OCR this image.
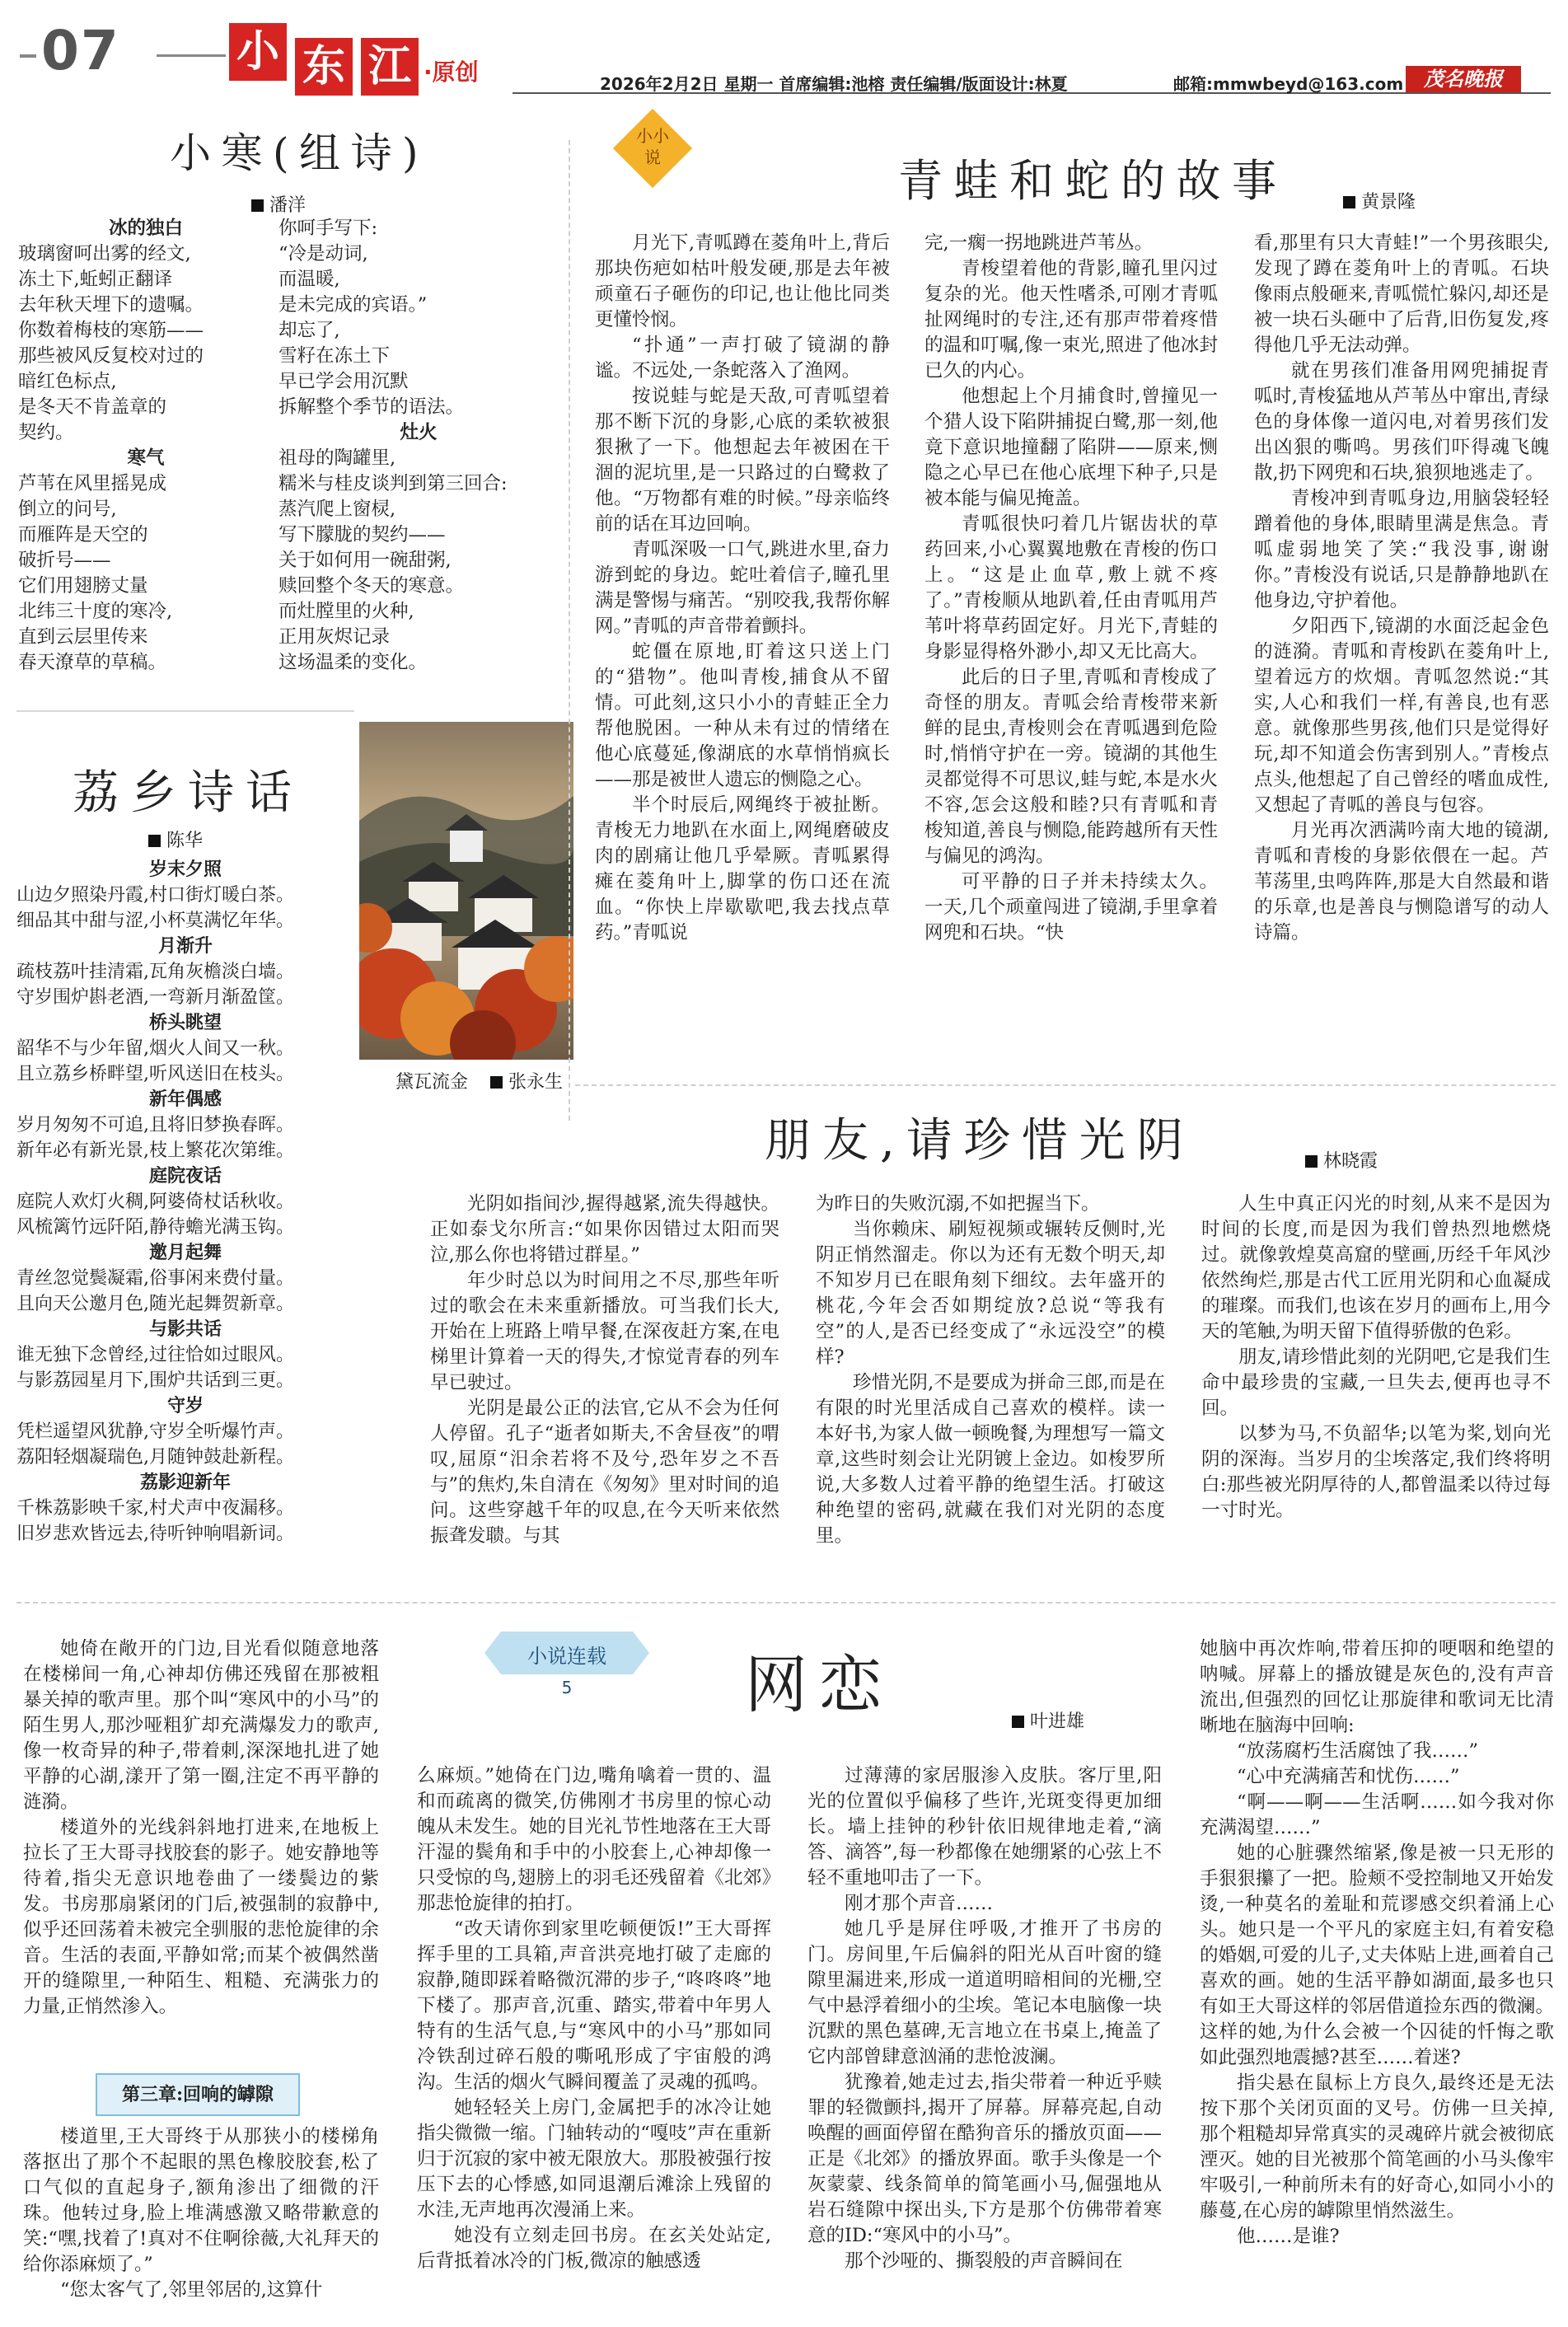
07	小 东 江 ·原创	2026年2月2日 星期一 首席编辑:池榕 责任编辑/版面设计:林夏	邮箱:mmwbeyd@163.com	茂名晚报
小寒(组诗)
潘洋
冰的独白
玻璃窗呵出雾的经文,
冻土下,蚯蚓正翻译
去年秋天埋下的遗嘱。
你数着梅枝的寒筋——
那些被风反复校对过的
暗红色标点,
是冬天不肯盖章的
契约。
寒气
芦苇在风里摇晃成
倒立的问号,
而雁阵是天空的
破折号——
它们用翅膀丈量
北纬三十度的寒冷,
直到云层里传来
春天潦草的草稿。
你呵手写下:
“冷是动词,
而温暖,
是未完成的宾语。”
却忘了,
雪籽在冻土下
早已学会用沉默
拆解整个季节的语法。
灶火
祖母的陶罐里,
糯米与桂皮谈判到第三回合:
蒸汽爬上窗棂,
写下朦胧的契约——
关于如何用一碗甜粥,
赎回整个冬天的寒意。
而灶膛里的火种,
正用灰烬记录
这场温柔的变化。
荔乡诗话
陈华
岁末夕照
山边夕照染丹霞,村口街灯暖白茶。
细品其中甜与涩,小杯莫满忆年华。
月渐升
疏枝荔叶挂清霜,瓦角灰檐淡白墙。
守岁围炉斟老酒,一弯新月渐盈筐。
桥头眺望
韶华不与少年留,烟火人间又一秋。
且立荔乡桥畔望,听风送旧在枝头。
新年偶感
岁月匆匆不可追,且将旧梦换春晖。
新年必有新光景,枝上繁花次第维。
庭院夜话
庭院人欢灯火稠,阿婆倚杖话秋收。
风梳篱竹远阡陌,静待蟾光满玉钩。
邀月起舞
青丝忽觉鬓凝霜,俗事闲来费付量。
且向天公邀月色,随光起舞贺新章。
与影共话
谁无独下念曾经,过往恰如过眼风。
与影荔园星月下,围炉共话到三更。
守岁
凭栏遥望风犹静,守岁全听爆竹声。
荔阳轻烟凝瑞色,月随钟鼓赴新程。
荔影迎新年
千株荔影映千家,村犬声中夜漏移。
旧岁悲欢皆远去,待听钟响唱新词。
黛瓦流金 张永生
小小说	青蛙和蛇的故事	黄景隆

月光下,青呱蹲在菱角叶上,背后那块伤疤如枯叶般发硬,那是去年被顽童石子砸伤的印记,也让他比同类更懂怜悯。

“扑通”一声打破了镜湖的静谧。不远处,一条蛇落入了渔网。

按说蛙与蛇是天敌,可青呱望着那不断下沉的身影,心底的柔软被狠狠揪了一下。他想起去年被困在干涸的泥坑里,是一只路过的白鹭救了他。“万物都有难的时候。”母亲临终前的话在耳边回响。

青呱深吸一口气,跳进水里,奋力游到蛇的身边。蛇吐着信子,瞳孔里满是警惕与痛苦。“别咬我,我帮你解网。”青呱的声音带着颤抖。

蛇僵在原地,盯着这只送上门的“猎物”。他叫青梭,捕食从不留情。可此刻,这只小小的青蛙正全力帮他脱困。一种从未有过的情绪在他心底蔓延,像湖底的水草悄悄疯长——那是被世人遗忘的恻隐之心。

半个时辰后,网绳终于被扯断。青梭无力地趴在水面上,网绳磨破皮肉的剧痛让他几乎晕厥。青呱累得瘫在菱角叶上,脚掌的伤口还在流血。“你快上岸歇歇吧,我去找点草药。”青呱说

完,一瘸一拐地跳进芦苇丛。

青梭望着他的背影,瞳孔里闪过复杂的光。他天性嗜杀,可刚才青呱扯网绳时的专注,还有那声带着疼惜的温和叮嘱,像一束光,照进了他冰封已久的内心。

他想起上个月捕食时,曾撞见一个猎人设下陷阱捕捉白鹭,那一刻,他竟下意识地撞翻了陷阱——原来,恻隐之心早已在他心底埋下种子,只是被本能与偏见掩盖。

青呱很快叼着几片锯齿状的草药回来,小心翼翼地敷在青梭的伤口上。“这是止血草,敷上就不疼了。”青梭顺从地趴着,任由青呱用芦苇叶将草药固定好。月光下,青蛙的身影显得格外渺小,却又无比高大。

此后的日子里,青呱和青梭成了奇怪的朋友。青呱会给青梭带来新鲜的昆虫,青梭则会在青呱遇到危险时,悄悄守护在一旁。镜湖的其他生灵都觉得不可思议,蛙与蛇,本是水火不容,怎会这般和睦?只有青呱和青梭知道,善良与恻隐,能跨越所有天性与偏见的鸿沟。

可平静的日子并未持续太久。一天,几个顽童闯进了镜湖,手里拿着网兜和石块。“快

看,那里有只大青蛙!”一个男孩眼尖,发现了蹲在菱角叶上的青呱。石块像雨点般砸来,青呱慌忙躲闪,却还是被一块石头砸中了后背,旧伤复发,疼得他几乎无法动弹。

就在男孩们准备用网兜捕捉青呱时,青梭猛地从芦苇丛中窜出,青绿色的身体像一道闪电,对着男孩们发出凶狠的嘶鸣。男孩们吓得魂飞魄散,扔下网兜和石块,狼狈地逃走了。

青梭冲到青呱身边,用脑袋轻轻蹭着他的身体,眼睛里满是焦急。青呱虚弱地笑了笑:“我没事,谢谢你。”青梭没有说话,只是静静地趴在他身边,守护着他。

夕阳西下,镜湖的水面泛起金色的涟漪。青呱和青梭趴在菱角叶上,望着远方的炊烟。青呱忽然说:“其实,人心和我们一样,有善良,也有恶意。就像那些男孩,他们只是觉得好玩,却不知道会伤害到别人。”青梭点点头,他想起了自己曾经的嗜血成性,又想起了青呱的善良与包容。

月光再次洒满吟南大地的镜湖,青呱和青梭的身影依偎在一起。芦苇荡里,虫鸣阵阵,那是大自然最和谐的乐章,也是善良与恻隐谱写的动人诗篇。

朋友,请珍惜光阴	林晓霞

光阴如指间沙,握得越紧,流失得越快。正如泰戈尔所言:“如果你因错过太阳而哭泣,那么你也将错过群星。”

年少时总以为时间用之不尽,那些年听过的歌会在未来重新播放。可当我们长大,开始在上班路上啃早餐,在深夜赶方案,在电梯里计算着一天的得失,才惊觉青春的列车早已驶过。

光阴是最公正的法官,它从不会为任何人停留。孔子“逝者如斯夫,不舍昼夜”的喟叹,屈原“汨余若将不及兮,恐年岁之不吾与”的焦灼,朱自清在《匆匆》里对时间的追问。这些穿越千年的叹息,在今天听来依然振聋发聩。与其

为昨日的失败沉溺,不如把握当下。

当你赖床、刷短视频或辗转反侧时,光阴正悄然溜走。你以为还有无数个明天,却不知岁月已在眼角刻下细纹。去年盛开的桃花,今年会否如期绽放?总说“等我有空”的人,是否已经变成了“永远没空”的模样?

珍惜光阴,不是要成为拼命三郎,而是在有限的时光里活成自己喜欢的模样。读一本好书,为家人做一顿晚餐,为理想写一篇文章,这些时刻会让光阴镀上金边。如梭罗所说,大多数人过着平静的绝望生活。打破这种绝望的密码,就藏在我们对光阴的态度里。

人生中真正闪光的时刻,从来不是因为时间的长度,而是因为我们曾热烈地燃烧过。就像敦煌莫高窟的壁画,历经千年风沙依然绚烂,那是古代工匠用光阴和心血凝成的璀璨。而我们,也该在岁月的画布上,用今天的笔触,为明天留下值得骄傲的色彩。

朋友,请珍惜此刻的光阴吧,它是我们生命中最珍贵的宝藏,一旦失去,便再也寻不回。

以梦为马,不负韶华;以笔为桨,划向光阴的深海。当岁月的尘埃落定,我们终将明白:那些被光阴厚待的人,都曾温柔以待过每一寸时光。

小说连载
5	网恋
叶进雄

她倚在敞开的门边,目光看似随意地落在楼梯间一角,心神却仿佛还残留在那被粗暴关掉的歌声里。那个叫“寒风中的小马”的陌生男人,那沙哑粗犷却充满爆发力的歌声,像一枚奇异的种子,带着刺,深深地扎进了她平静的心湖,漾开了第一圈,注定不再平静的涟漪。

楼道外的光线斜斜地打进来,在地板上拉长了王大哥寻找胶套的影子。她安静地等待着,指尖无意识地卷曲了一缕鬓边的紫发。书房那扇紧闭的门后,被强制的寂静中,似乎还回荡着未被完全驯服的悲怆旋律的余音。生活的表面,平静如常;而某个被偶然凿开的缝隙里,一种陌生、粗糙、充满张力的力量,正悄然渗入。

第三章:回响的罅隙

楼道里,王大哥终于从那狭小的楼梯角落抠出了那个不起眼的黑色橡胶胶套,松了口气似的直起身子,额角渗出了细微的汗珠。他转过身,脸上堆满感激又略带歉意的笑:“嘿,找着了!真对不住啊徐薇,大礼拜天的给你添麻烦了。”

“您太客气了,邻里邻居的,这算什

么麻烦。”她倚在门边,嘴角噙着一贯的、温和而疏离的微笑,仿佛刚才书房里的惊心动魄从未发生。她的目光礼节性地落在王大哥汗湿的鬓角和手中的小胶套上,心神却像一只受惊的鸟,翅膀上的羽毛还残留着《北郊》那悲怆旋律的拍打。

“改天请你到家里吃顿便饭!”王大哥挥挥手里的工具箱,声音洪亮地打破了走廊的寂静,随即踩着略微沉滞的步子,“咚咚咚”地下楼了。那声音,沉重、踏实,带着中年男人特有的生活气息,与“寒风中的小马”那如同冷铁刮过碎石般的嘶吼形成了宇宙般的鸿沟。生活的烟火气瞬间覆盖了灵魂的孤鸣。

她轻轻关上房门,金属把手的冰冷让她指尖微微一缩。门轴转动的“嘎吱”声在重新归于沉寂的家中被无限放大。那股被强行按压下去的心悸感,如同退潮后滩涂上残留的水洼,无声地再次漫涌上来。

她没有立刻走回书房。在玄关处站定,后背抵着冰冷的门板,微凉的触感透

过薄薄的家居服渗入皮肤。客厅里,阳光的位置似乎偏移了些许,光斑变得更加细长。墙上挂钟的秒针依旧规律地走着,“滴答、滴答”,每一秒都像在她绷紧的心弦上不轻不重地叩击了一下。

刚才那个声音……

她几乎是屏住呼吸,才推开了书房的门。房间里,午后偏斜的阳光从百叶窗的缝隙里漏进来,形成一道道明暗相间的光栅,空气中悬浮着细小的尘埃。笔记本电脑像一块沉默的黑色墓碑,无言地立在书桌上,掩盖了它内部曾肆意汹涌的悲怆波澜。

犹豫着,她走过去,指尖带着一种近乎赎罪的轻微颤抖,揭开了屏幕。屏幕亮起,自动唤醒的画面停留在酷狗音乐的播放页面——正是《北郊》的播放界面。歌手头像是一个灰蒙蒙、线条简单的简笔画小马,倔强地从岩石缝隙中探出头,下方是那个仿佛带着寒意的ID:“寒风中的小马”。

那个沙哑的、撕裂般的声音瞬间在

她脑中再次炸响,带着压抑的哽咽和绝望的呐喊。屏幕上的播放键是灰色的,没有声音流出,但强烈的回忆让那旋律和歌词无比清晰地在脑海中回响:

“放荡腐朽生活腐蚀了我……”

“心中充满痛苦和忧伤……”

“啊——啊——生活啊……如今我对你充满渴望……”

她的心脏骤然缩紧,像是被一只无形的手狠狠攥了一把。脸颊不受控制地又开始发烫,一种莫名的羞耻和荒谬感交织着涌上心头。她只是一个平凡的家庭主妇,有着安稳的婚姻,可爱的儿子,丈夫体贴上进,画着自己喜欢的画。她的生活平静如湖面,最多也只有如王大哥这样的邻居借道捡东西的微澜。这样的她,为什么会被一个囚徒的忏悔之歌如此强烈地震撼?甚至……着迷?

指尖悬在鼠标上方良久,最终还是无法按下那个关闭页面的叉号。仿佛一旦关掉,那个粗糙却异常真实的灵魂碎片就会被彻底湮灭。她的目光被那个简笔画的小马头像牢牢吸引,一种前所未有的好奇心,如同小小的藤蔓,在心房的罅隙里悄然滋生。

他……是谁?
